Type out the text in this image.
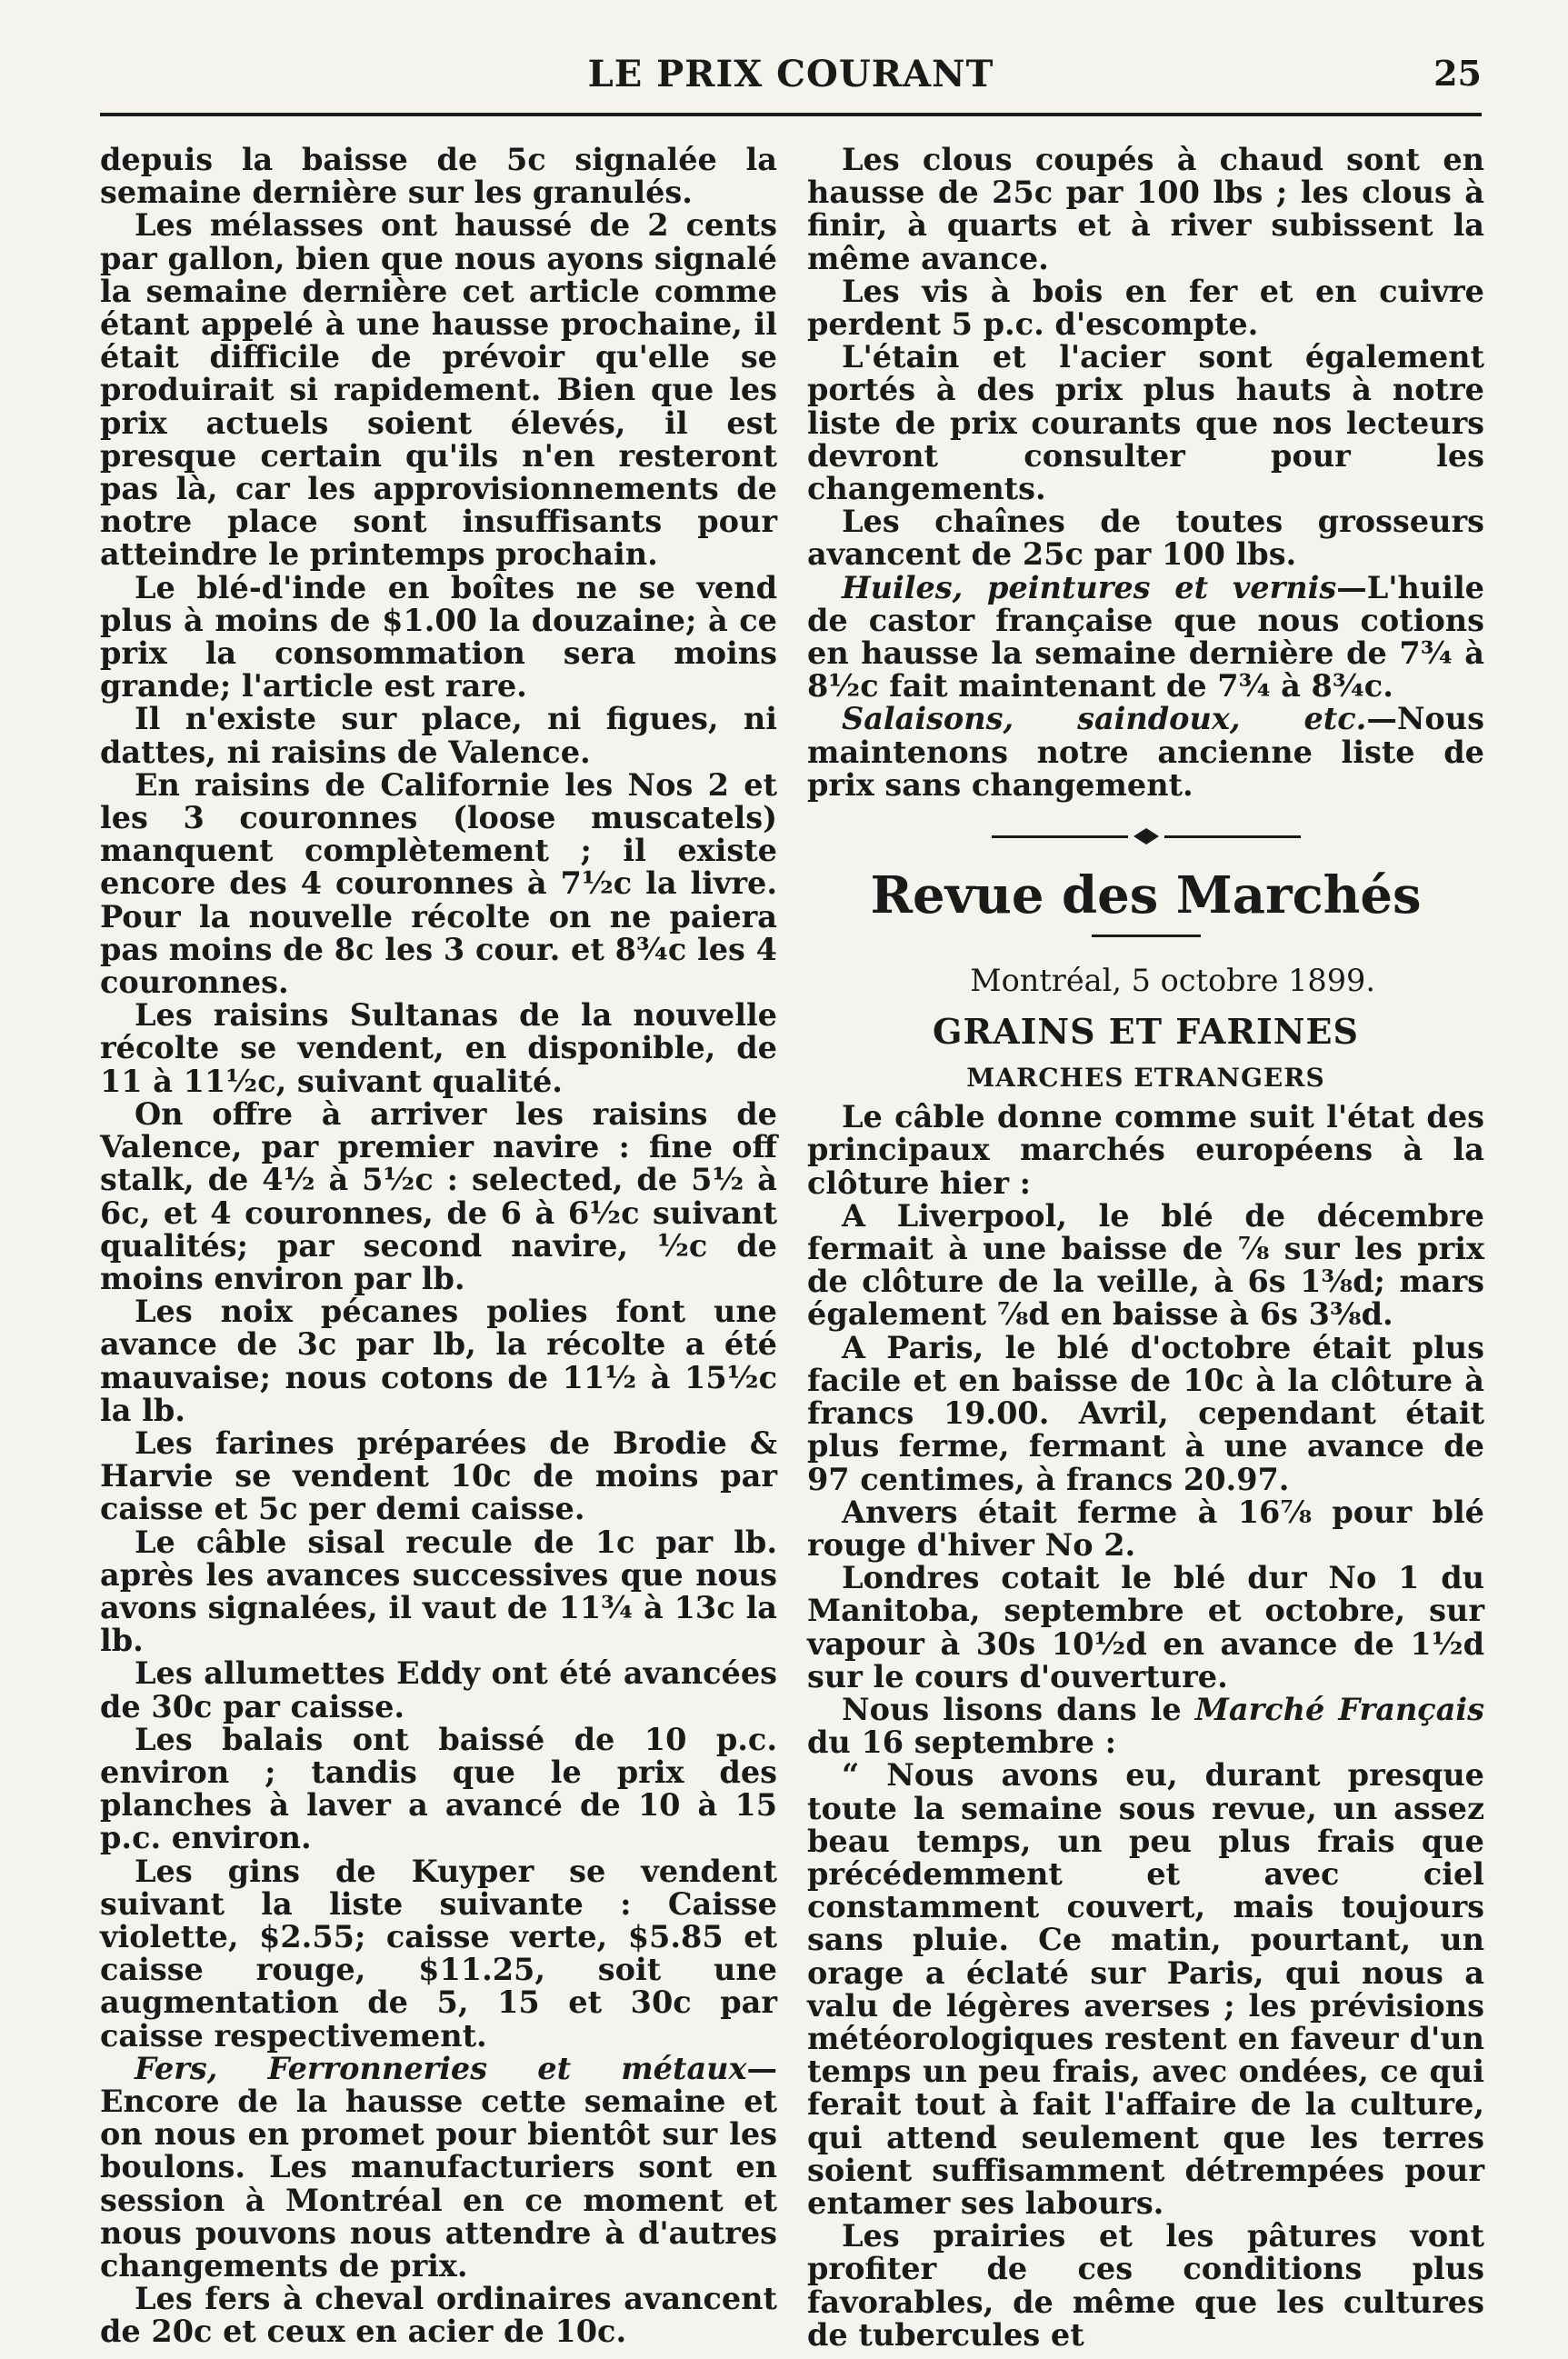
LE PRIX COURANT	25

depuis la baisse de 5c signalée la semaine dernière sur les granulés.

Les mélasses ont haussé de 2 cents par gallon, bien que nous ayons signalé la semaine dernière cet article comme étant appelé à une hausse prochaine, il était difficile de prévoir qu'elle se produirait si rapidement. Bien que les prix actuels soient élevés, il est presque certain qu'ils n'en resteront pas là, car les approvisionnements de notre place sont insuffisants pour atteindre le printemps prochain.

Le blé-d'inde en boîtes ne se vend plus à moins de $1.00 la douzaine; à ce prix la consommation sera moins grande; l'article est rare.

Il n'existe sur place, ni figues, ni dattes, ni raisins de Valence.

En raisins de Californie les Nos 2 et les 3 couronnes (loose muscatels) manquent complètement ; il existe encore des 4 couronnes à 7½c la livre. Pour la nouvelle récolte on ne paiera pas moins de 8c les 3 cour. et 8¾c les 4 couronnes.

Les raisins Sultanas de la nouvelle récolte se vendent, en disponible, de 11 à 11½c, suivant qualité.

On offre à arriver les raisins de Valence, par premier navire : fine off stalk, de 4½ à 5½c : selected, de 5½ à 6c, et 4 couronnes, de 6 à 6½c suivant qualités; par second navire, ½c de moins environ par lb.

Les noix pécanes polies font une avance de 3c par lb, la récolte a été mauvaise; nous cotons de 11½ à 15½c la lb.

Les farines préparées de Brodie & Harvie se vendent 10c de moins par caisse et 5c per demi caisse.

Le câble sisal recule de 1c par lb. après les avances successives que nous avons signalées, il vaut de 11¾ à 13c la lb.

Les allumettes Eddy ont été avancées de 30c par caisse.

Les balais ont baissé de 10 p.c. environ ; tandis que le prix des planches à laver a avancé de 10 à 15 p.c. environ.

Les gins de Kuyper se vendent suivant la liste suivante : Caisse violette, $2.55; caisse verte, $5.85 et caisse rouge, $11.25, soit une augmentation de 5, 15 et 30c par caisse respectivement.

Fers, Ferronneries et métaux—Encore de la hausse cette semaine et on nous en promet pour bientôt sur les boulons. Les manufacturiers sont en session à Montréal en ce moment et nous pouvons nous attendre à d'autres changements de prix.

Les fers à cheval ordinaires avancent de 20c et ceux en acier de 10c.

Les clous coupés à chaud sont en hausse de 25c par 100 lbs ; les clous à finir, à quarts et à river subissent la même avance.

Les vis à bois en fer et en cuivre perdent 5 p.c. d'escompte.

L'étain et l'acier sont également portés à des prix plus hauts à notre liste de prix courants que nos lecteurs devront consulter pour les changements.

Les chaînes de toutes grosseurs avancent de 25c par 100 lbs.

Huiles, peintures et vernis—L'huile de castor française que nous cotions en hausse la semaine dernière de 7¾ à 8½c fait maintenant de 7¾ à 8¾c.

Salaisons, saindoux, etc.—Nous maintenons notre ancienne liste de prix sans changement.

Revue des Marchés

Montréal, 5 octobre 1899.

GRAINS ET FARINES
MARCHES ETRANGERS

Le câble donne comme suit l'état des principaux marchés européens à la clôture hier :

A Liverpool, le blé de décembre fermait à une baisse de ⅞ sur les prix de clôture de la veille, à 6s 1⅜d; mars également ⅞d en baisse à 6s 3⅜d.

A Paris, le blé d'octobre était plus facile et en baisse de 10c à la clôture à francs 19.00. Avril, cependant était plus ferme, fermant à une avance de 97 centimes, à francs 20.97.

Anvers était ferme à 16⅞ pour blé rouge d'hiver No 2.

Londres cotait le blé dur No 1 du Manitoba, septembre et octobre, sur vapour à 30s 10½d en avance de 1½d sur le cours d'ouverture.

Nous lisons dans le Marché Français du 16 septembre :

“ Nous avons eu, durant presque toute la semaine sous revue, un assez beau temps, un peu plus frais que précédemment et avec ciel constamment couvert, mais toujours sans pluie. Ce matin, pourtant, un orage a éclaté sur Paris, qui nous a valu de légères averses ; les prévisions météorologiques restent en faveur d'un temps un peu frais, avec ondées, ce qui ferait tout à fait l'affaire de la culture, qui attend seulement que les terres soient suffisamment détrempées pour entamer ses labours.

Les prairies et les pâtures vont profiter de ces conditions plus favorables, de même que les cultures de tubercules et
